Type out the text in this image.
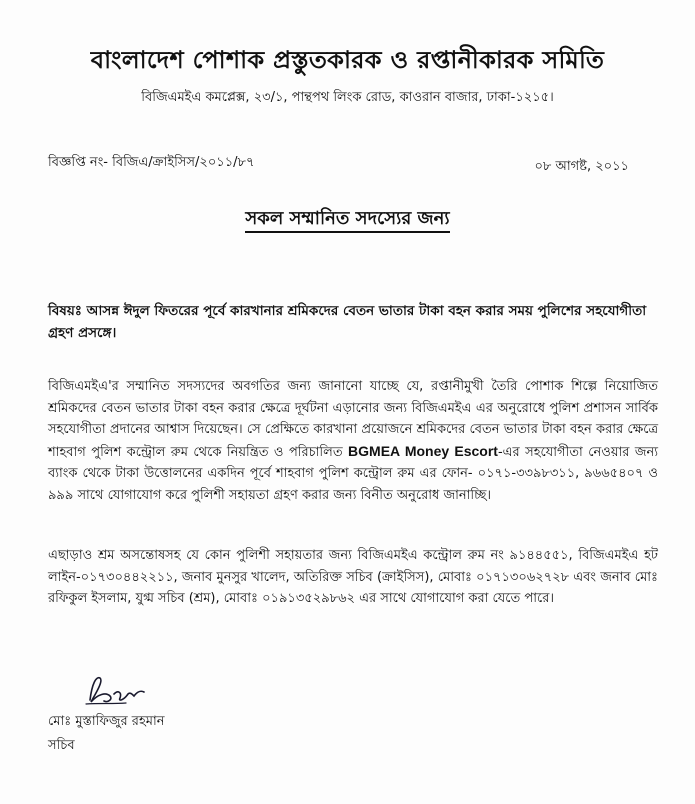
বাংলাদেশ পোশাক প্রস্তুতকারক ও রপ্তানীকারক সমিতি
বিজিএমইএ কমপ্লেক্স, ২৩/১, পান্থপথ লিংক রোড, কাওরান বাজার, ঢাকা-১২১৫।
বিজ্ঞপ্তি নং- বিজিএ/ক্রাইসিস/২০১১/৮৭	০৮ আগষ্ট, ২০১১
সকল সম্মানিত সদস্যের জন্য
বিষয়ঃ আসন্ন ঈদুল ফিতরের পূর্বে কারখানার শ্রমিকদের বেতন ভাতার টাকা বহন করার সময় পুলিশের সহযোগীতা গ্রহণ প্রসঙ্গে।
বিজিএমইএ'র সম্মানিত সদস্যদের অবগতির জন্য জানানো যাচ্ছে যে, রপ্তানীমুখী তৈরি পোশাক শিল্পে নিয়োজিত শ্রমিকদের বেতন ভাতার টাকা বহন করার ক্ষেত্রে দূর্ঘটনা এড়ানোর জন্য বিজিএমইএ এর অনুরোধে পুলিশ প্রশাসন সার্বিক সহযোগীতা প্রদানের আশ্বাস দিয়েছেন। সে প্রেক্ষিতে কারখানা প্রয়োজনে শ্রমিকদের বেতন ভাতার টাকা বহন করার ক্ষেত্রে শাহবাগ পুলিশ কন্ট্রোল রুম থেকে নিয়ন্ত্রিত ও পরিচালিত BGMEA Money Escort-এর সহযোগীতা নেওয়ার জন্য ব্যাংক থেকে টাকা উত্তোলনের একদিন পূর্বে শাহবাগ পুলিশ কন্ট্রোল রুম এর ফোন- ০১৭১-৩৩৯৮৩১১, ৯৬৬৫৪০৭ ও ৯৯৯ সাথে যোগাযোগ করে পুলিশী সহায়তা গ্রহণ করার জন্য বিনীত অনুরোধ জানাচ্ছি।
এছাড়াও শ্রম অসন্তোষসহ যে কোন পুলিশী সহায়তার জন্য বিজিএমইএ কন্ট্রোল রুম নং ৯১৪৪৫৫১, বিজিএমইএ হট লাইন-০১৭৩০৪৪২২১১, জনাব মুনসুর খালেদ, অতিরিক্ত সচিব (ক্রাইসিস), মোবাঃ ০১৭১৩০৬২৭২৮ এবং জনাব মোঃ রফিকুল ইসলাম, যুগ্ম সচিব (শ্রম), মোবাঃ ০১৯১৩৫২৯৮৬২ এর সাথে যোগাযোগ করা যেতে পারে।
মোঃ মুস্তাফিজুর রহমান
সচিব
